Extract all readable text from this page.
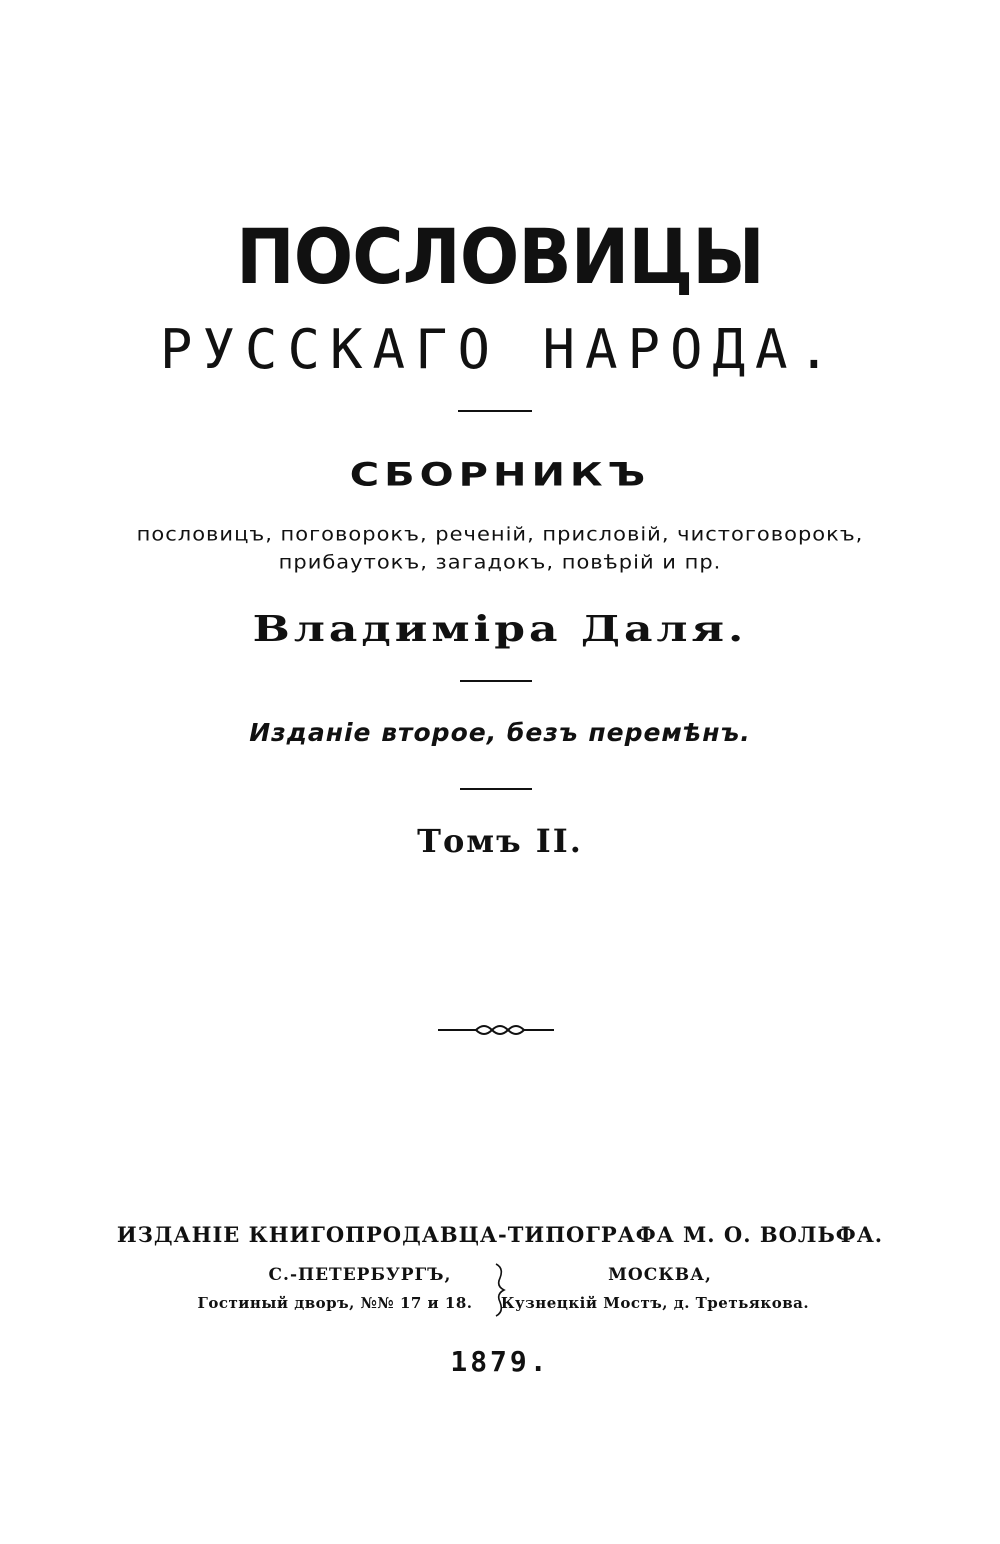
ПОСЛОВИЦЫ
РУССКАГО НАРОДА.
СБОРНИКЪ
пословицъ, поговорокъ, реченій, присловій, чистоговорокъ,
прибаутокъ, загадокъ, повѣрій и пр.
Владиміра Даля.
Изданіе второе, безъ перемѣнъ.
Томъ II.
ИЗДАНІЕ КНИГОПРОДАВЦА-ТИПОГРАФА М. О. ВОЛЬФА.
С.-ПЕТЕРБУРГЪ,
Гостиный дворъ, №№ 17 и 18.
МОСКВА,
Кузнецкій Мостъ, д. Третьякова.
1879.
